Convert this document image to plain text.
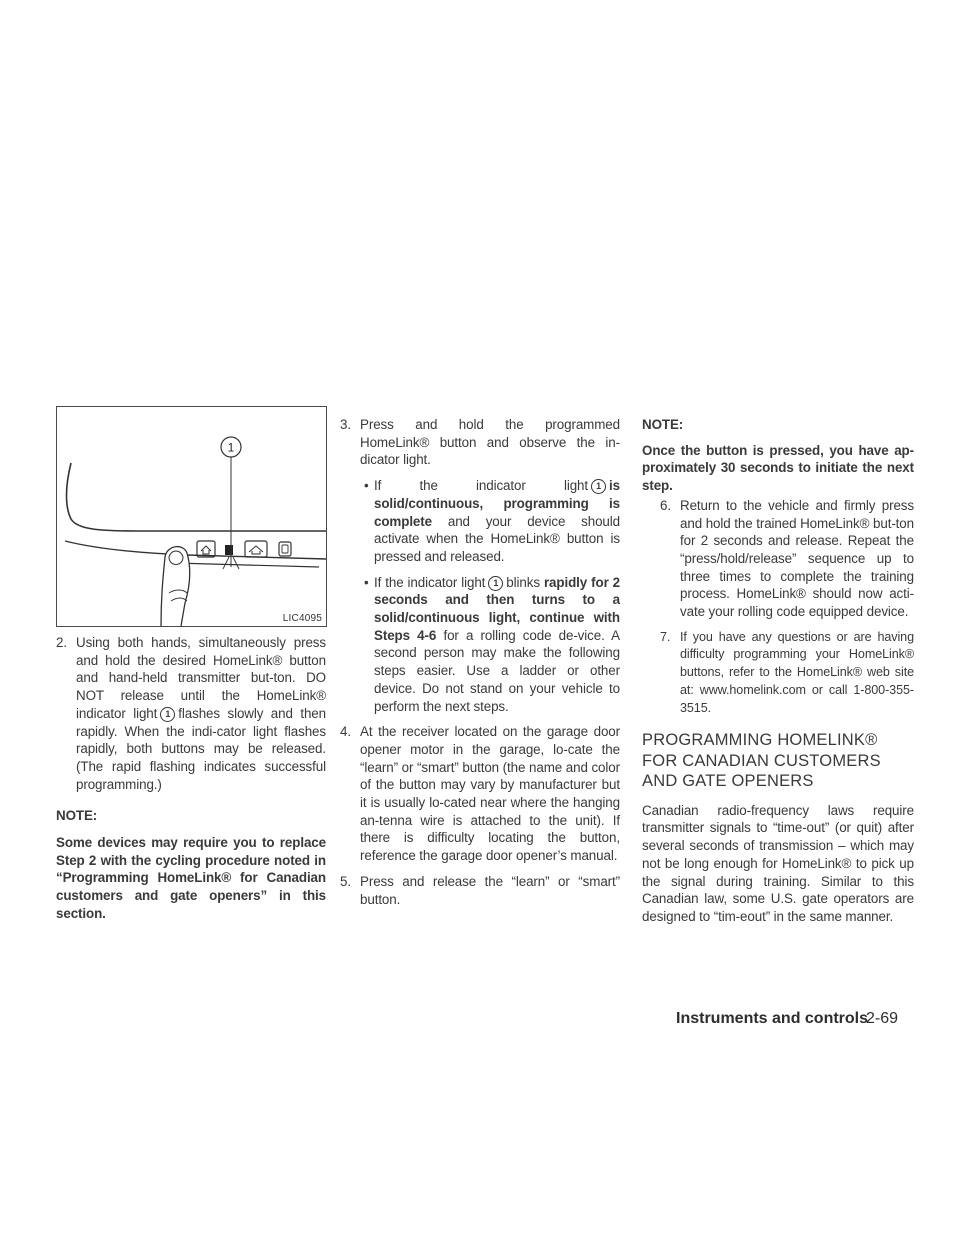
1
LIC4095

2. Using both hands, simultaneously press and hold the desired HomeLink® button and hand-held transmitter but-ton. DO NOT release until the HomeLink® indicator light 1 flashes slowly and then rapidly. When the indi-cator light flashes rapidly, both buttons may be released. (The rapid flashing indicates successful programming.)

NOTE:

Some devices may require you to replace Step 2 with the cycling procedure noted in “Programming HomeLink® for Canadian customers and gate openers” in this section.

3. Press and hold the programmed HomeLink® button and observe the in-dicator light.

• If the indicator light 1 is solid/continuous, programming is complete and your device should activate when the HomeLink® button is pressed and released.

• If the indicator light 1 blinks rapidly for 2 seconds and then turns to a solid/continuous light, continue with Steps 4-6 for a rolling code de-vice. A second person may make the following steps easier. Use a ladder or other device. Do not stand on your vehicle to perform the next steps.

4. At the receiver located on the garage door opener motor in the garage, lo-cate the “learn” or “smart” button (the name and color of the button may vary by manufacturer but it is usually lo-cated near where the hanging an-tenna wire is attached to the unit). If there is difficulty locating the button, reference the garage door opener’s manual.

5. Press and release the “learn” or “smart” button.

NOTE:

Once the button is pressed, you have ap-proximately 30 seconds to initiate the next step.

6. Return to the vehicle and firmly press and hold the trained HomeLink® but-ton for 2 seconds and release. Repeat the “press/hold/release” sequence up to three times to complete the training process. HomeLink® should now acti-vate your rolling code equipped device.

7. If you have any questions or are having difficulty programming your HomeLink® buttons, refer to the HomeLink® web site at: www.homelink.com or call 1-800-355-3515.

PROGRAMMING HOMELINK® FOR CANADIAN CUSTOMERS AND GATE OPENERS

Canadian radio-frequency laws require transmitter signals to “time-out” (or quit) after several seconds of transmission – which may not be long enough for HomeLink® to pick up the signal during training. Similar to this Canadian law, some U.S. gate operators are designed to “tim-eout” in the same manner.

Instruments and controls
2-69
